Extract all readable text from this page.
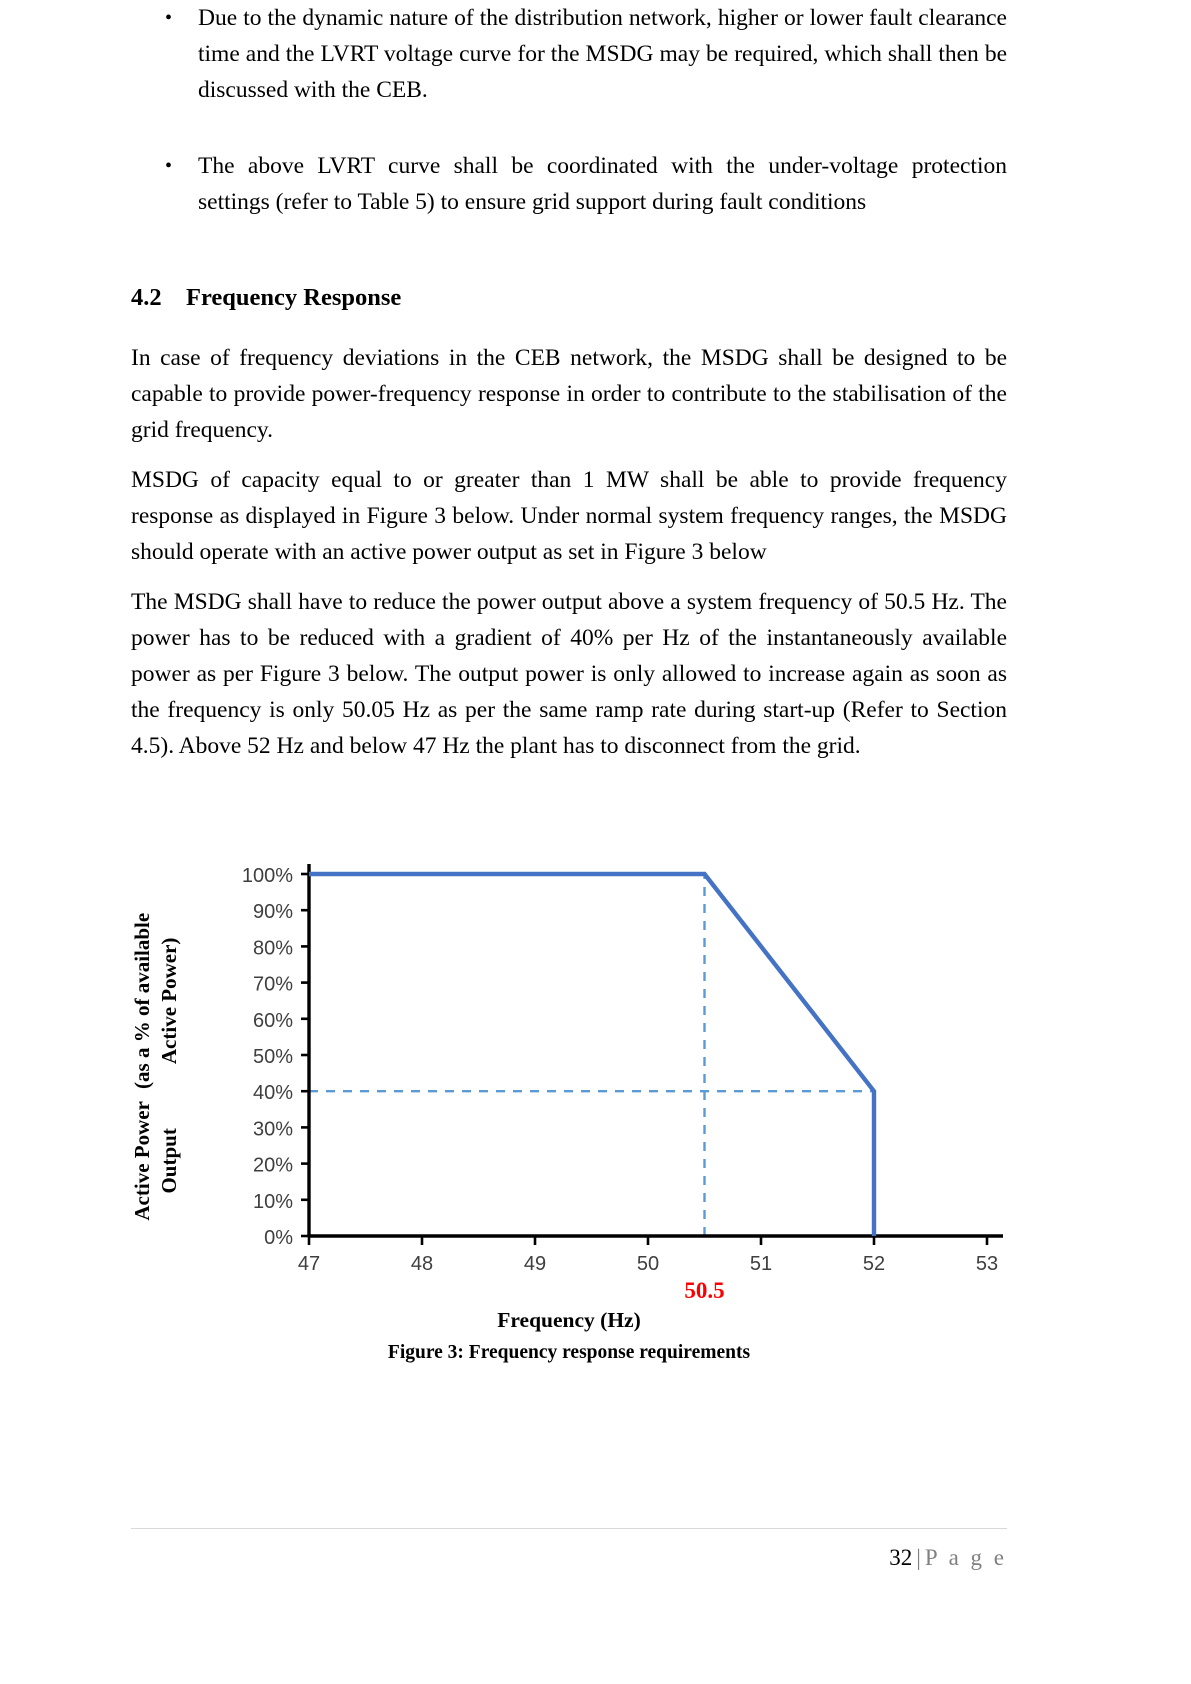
• Due to the dynamic nature of the distribution network, higher or lower fault clearance time and the LVRT voltage curve for the MSDG may be required, which shall then be discussed with the CEB.
• The above LVRT curve shall be coordinated with the under-voltage protection settings (refer to Table 5) to ensure grid support during fault conditions
4.2 Frequency Response

In case of frequency deviations in the CEB network, the MSDG shall be designed to be capable to provide power-frequency response in order to contribute to the stabilisation of the grid frequency.

MSDG of capacity equal to or greater than 1 MW shall be able to provide frequency response as displayed in Figure 3 below. Under normal system frequency ranges, the MSDG should operate with an active power output as set in Figure 3 below

The MSDG shall have to reduce the power output above a system frequency of 50.5 Hz. The power has to be reduced with a gradient of 40% per Hz of the instantaneously available power as per Figure 3 below. The output power is only allowed to increase again as soon as the frequency is only 50.05 Hz as per the same ramp rate during start-up (Refer to Section 4.5). Above 52 Hz and below 47 Hz the plant has to disconnect from the grid.

Active Power Output

(as a % of available Active Power)
0%
10%
20%
30%
40%
50%
60%
70%
80%
90%
100%
47	48	49	50	51	52	53
50.5
Frequency (Hz)
Figure 3: Frequency response requirements
32 | P a g e
